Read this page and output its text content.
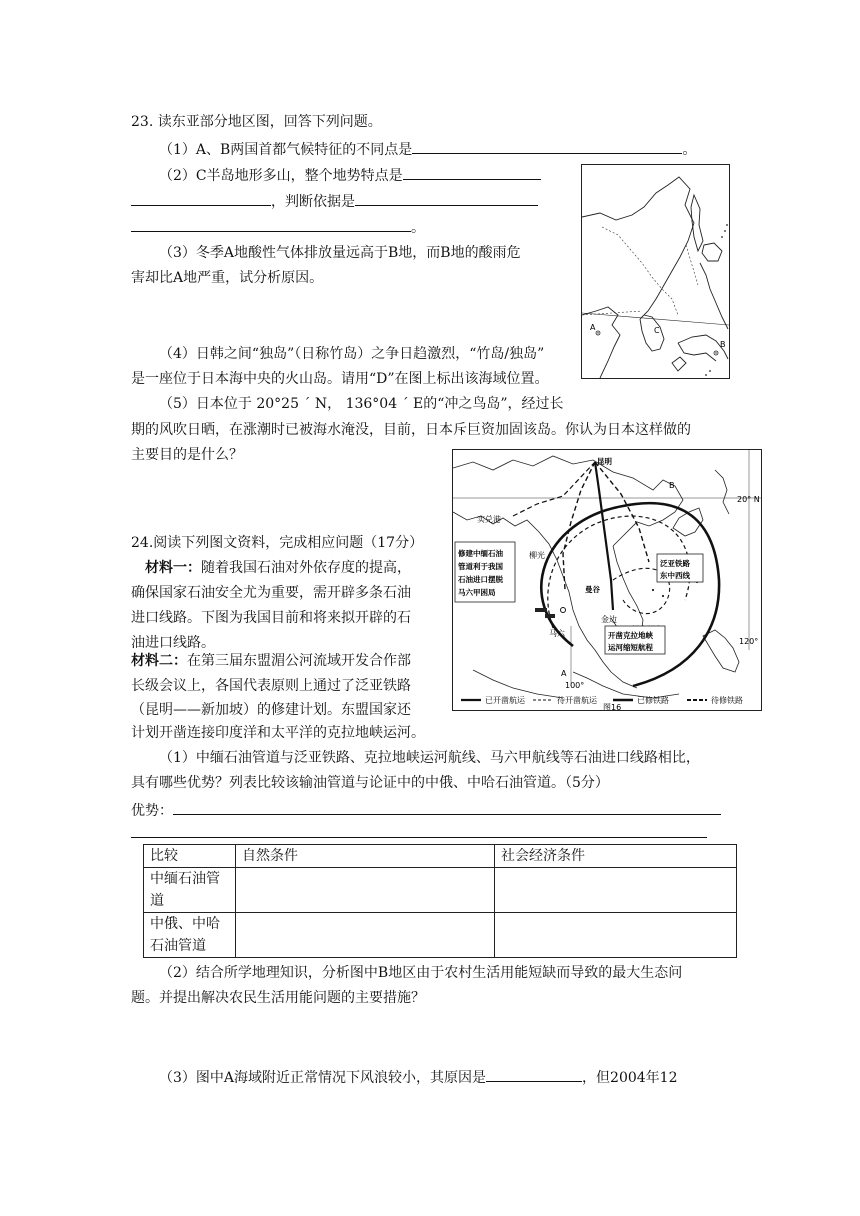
23. 读东亚部分地区图，回答下列问题。
（1）A、B两国首都气候特征的不同点是	。
（2）C半岛地形多山，整个地势特点是
，判断依据是
。
（3）冬季A地酸性气体排放量远高于B地，而B地的酸雨危
害却比A地严重，试分析原因。
（4）日韩之间“独岛”（日称竹岛）之争日趋激烈，“竹岛/独岛”
是一座位于日本海中央的火山岛。请用“D”在图上标出该海域位置。
（5）日本位于 20°25 ´ N， 136°04 ´ E的“冲之鸟岛”，经过长
期的风吹日晒，在涨潮时已被海水淹没，目前，日本斥巨资加固该岛。你认为日本这样做的
主要目的是什么？
A	C
B
昆明
B
20° N
实兑港
修建中缅石油
管道利于我国
石油进口摆脱
马六甲困局
柳光
曼谷
金边
泛亚铁路
东中西线
120°
开凿克拉地峡
运河缩短航程
马六
A
100°
已开凿航运	待开凿航运	已修铁路	待修铁路
图16
24.阅读下列图文资料，完成相应问题（17分）
材料一：随着我国石油对外依存度的提高，
确保国家石油安全尤为重要，需开辟多条石油
进口线路。下图为我国目前和将来拟开辟的石
油进口线路。
材料二：在第三届东盟湄公河流域开发合作部
长级会议上，各国代表原则上通过了泛亚铁路
（昆明——新加坡）的修建计划。东盟国家还
计划开凿连接印度洋和太平洋的克拉地峡运河。
（1）中缅石油管道与泛亚铁路、克拉地峡运河航线、马六甲航线等石油进口线路相比，
具有哪些优势？列表比较该输油管道与论证中的中俄、中哈石油管道。（5分）
优势：
比较	自然条件	社会经济条件
中缅石油管
道		
中俄、中哈
石油管道		
（2）结合所学地理知识，分析图中B地区由于农村生活用能短缺而导致的最大生态问
题。并提出解决农民生活用能问题的主要措施？
（3）图中A海域附近正常情况下风浪较小，其原因是	，但2004年12
